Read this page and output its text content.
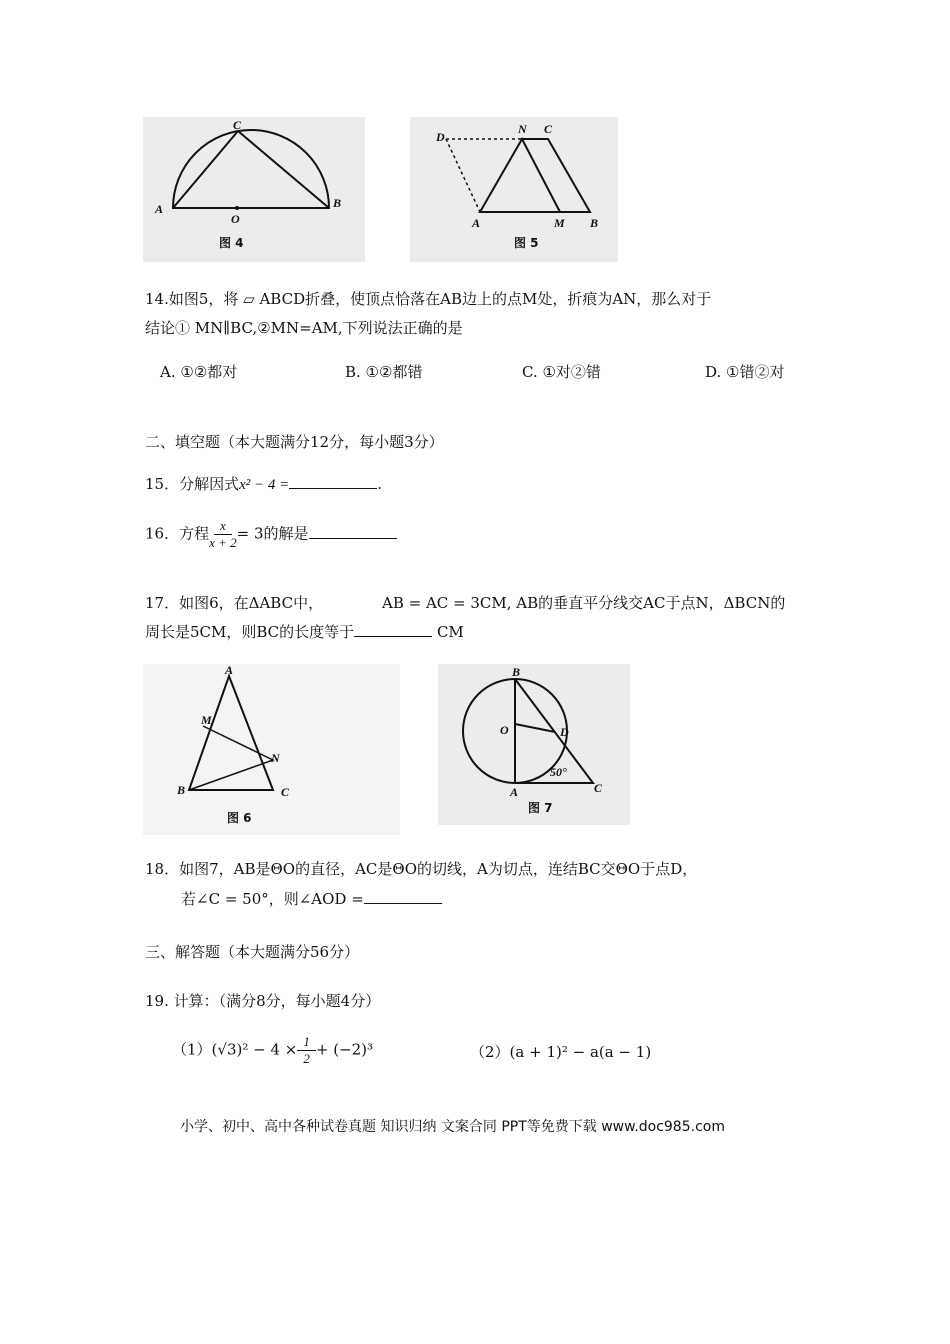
C
A	B
O
图 4
D
N C
A	M B
图 5
14.如图5，将 ▱ ABCD折叠，使顶点恰落在AB边上的点M处，折痕为AN，那么对于
结论① MN∥BC,②MN=AM,下列说法正确的是
A. ①②都对	B. ①②都错	C. ①对②错	D. ①错②对
二、填空题（本大题满分12分，每小题3分）
15．分解因式x² − 4 =	.
16．方程 $\frac{x}{x + 2} = 3$的解是
17．如图6，在ΔABC中，	AB = AC = 3CM, AB的垂直平分线交AC于点N，ΔBCN的
周长是5CM，则BC的长度等于	CM
A
M
N
B	C
图 6
B
O	D
50°
C
A
图 7
18．如图7，AB是ΘO的直径，AC是ΘO的切线，A为切点，连结BC交ΘO于点D，
若∠C = 50°，则∠AOD =
三、解答题（本大题满分56分）
19. 计算：（满分8分，每小题4分）
$(1)(√3)^2 - 4 \times \frac{1}{2} + (-2)^3$	（2）(a + 1)² − a(a − 1)
小学、初中、高中各种试卷真题 知识归纳 文案合同 PPT等免费下载 www.doc985.com
